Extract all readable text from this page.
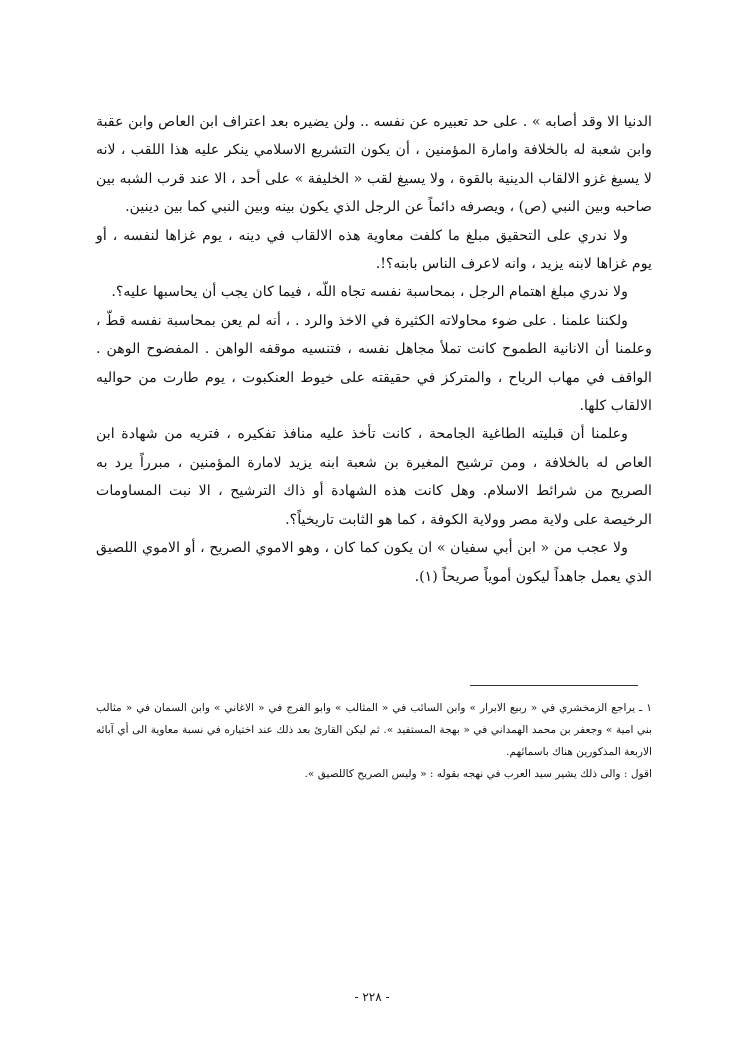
الدنيا الا وقد أصابه » . على حد تعبيره عن نفسه .. ولن يضيره بعد اعتراف ابن العاص وابن عقبة وابن شعبة له بالخلافة وامارة المؤمنين ، أن يكون التشريع الاسلامي ينكر عليه هذا اللقب ، لانه لا يسيغ غزو الالقاب الدينية بالقوة ، ولا يسيغ لقب « الخليفة » على أحد ، الا عند قرب الشبه بين صاحبه وبين النبي (ص) ، ويصرفه دائماً عن الرجل الذي يكون بينه وبين النبي كما بين دينين.

ولا ندري على التحقيق مبلغ ما كلفت معاوية هذه الالقاب في دينه ، يوم غزاها لنفسه ، أو يوم غزاها لابنه يزيد ، وانه لاعرف الناس بابنه؟!.

ولا ندري مبلغ اهتمام الرجل ، بمحاسبة نفسه تجاه اللّه ، فيما كان يجب أن يحاسبها عليه؟.

ولكننا علمنا . على ضوء محاولاته الكثيرة في الاخذ والرد . ، أنه لم يعن بمحاسبة نفسه قطّ ، وعلمنا أن الانانية الطموح كانت تملأ مجاهل نفسه ، فتنسيه موقفه الواهن . المفضوح الوهن . الواقف في مهاب الرياح ، والمتركز في حقيقته على خيوط العنكبوت ، يوم طارت من حواليه الالقاب كلها.

وعلمنا أن قبليته الطاغية الجامحة ، كانت تأخذ عليه منافذ تفكيره ، فتريه من شهادة ابن العاص له بالخلافة ، ومن ترشيح المغيرة بن شعبة ابنه يزيد لامارة المؤمنين ، مبرراً يرد به الصريح من شرائط الاسلام. وهل كانت هذه الشهادة أو ذاك الترشيح ، الا نبت المساومات الرخيصة على ولاية مصر وولاية الكوفة ، كما هو الثابت تاريخياً؟.

ولا عجب من « ابن أبي سفيان » ان يكون كما كان ، وهو الاموي الصريح ، أو الاموي اللصيق الذي يعمل جاهداً ليكون أموياً صريحاً (١).

١ ـ يراجع الزمخشري في « ربيع الابرار » وابن السائب في « المثالب » وابو الفرج في « الاغاني » وابن السمان في « مثالب بني امية » وجعفر بن محمد الهمداني في « بهجة المستفيد ». ثم ليكن القارئ بعد ذلك عند اختياره في نسبة معاوية الى أي آبائه الاربعة المذكورين هناك باسمائهم.

اقول : والى ذلك يشير سيد العرب في نهجه بقوله : « وليس الصريح كاللصيق ».

- ٢٢٨ -
